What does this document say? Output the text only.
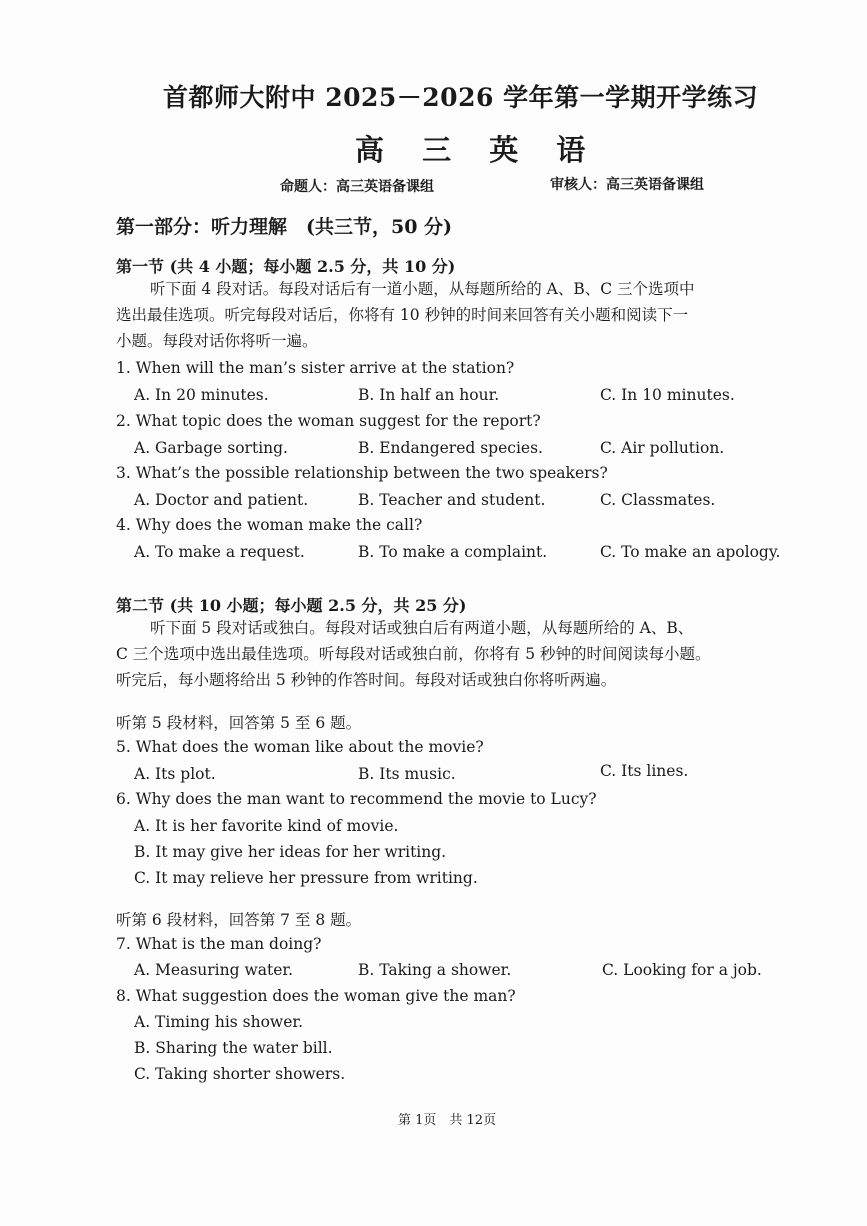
首都师大附中 2025－2026 学年第一学期开学练习
高 三 英 语
命题人：高三英语备课组	审核人：高三英语备课组
第一部分：听力理解　(共三节，50 分)
第一节 (共 4 小题；每小题 2.5 分，共 10 分)
听下面 4 段对话。每段对话后有一道小题，从每题所给的 A、B、C 三个选项中
选出最佳选项。听完每段对话后，你将有 10 秒钟的时间来回答有关小题和阅读下一
小题。每段对话你将听一遍。
1. When will the man’s sister arrive at the station?
A. In 20 minutes.	B. In half an hour.	C. In 10 minutes.
2. What topic does the woman suggest for the report?
A. Garbage sorting.	B. Endangered species.	C. Air pollution.
3. What’s the possible relationship between the two speakers?
A. Doctor and patient.	B. Teacher and student.	C. Classmates.
4. Why does the woman make the call?
A. To make a request.	B. To make a complaint.	C. To make an apology.
第二节 (共 10 小题；每小题 2.5 分，共 25 分)
听下面 5 段对话或独白。每段对话或独白后有两道小题，从每题所给的 A、B、
C 三个选项中选出最佳选项。听每段对话或独白前，你将有 5 秒钟的时间阅读每小题。
听完后，每小题将给出 5 秒钟的作答时间。每段对话或独白你将听两遍。
听第 5 段材料，回答第 5 至 6 题。
5. What does the woman like about the movie?
A. Its plot.	B. Its music.	C. Its lines.
6. Why does the man want to recommend the movie to Lucy?
A. It is her favorite kind of movie.
B. It may give her ideas for her writing.
C. It may relieve her pressure from writing.
听第 6 段材料，回答第 7 至 8 题。
7. What is the man doing?
A. Measuring water.	B. Taking a shower.	C. Looking for a job.
8. What suggestion does the woman give the man?
A. Timing his shower.
B. Sharing the water bill.
C. Taking shorter showers.
第 1页　共 12页
